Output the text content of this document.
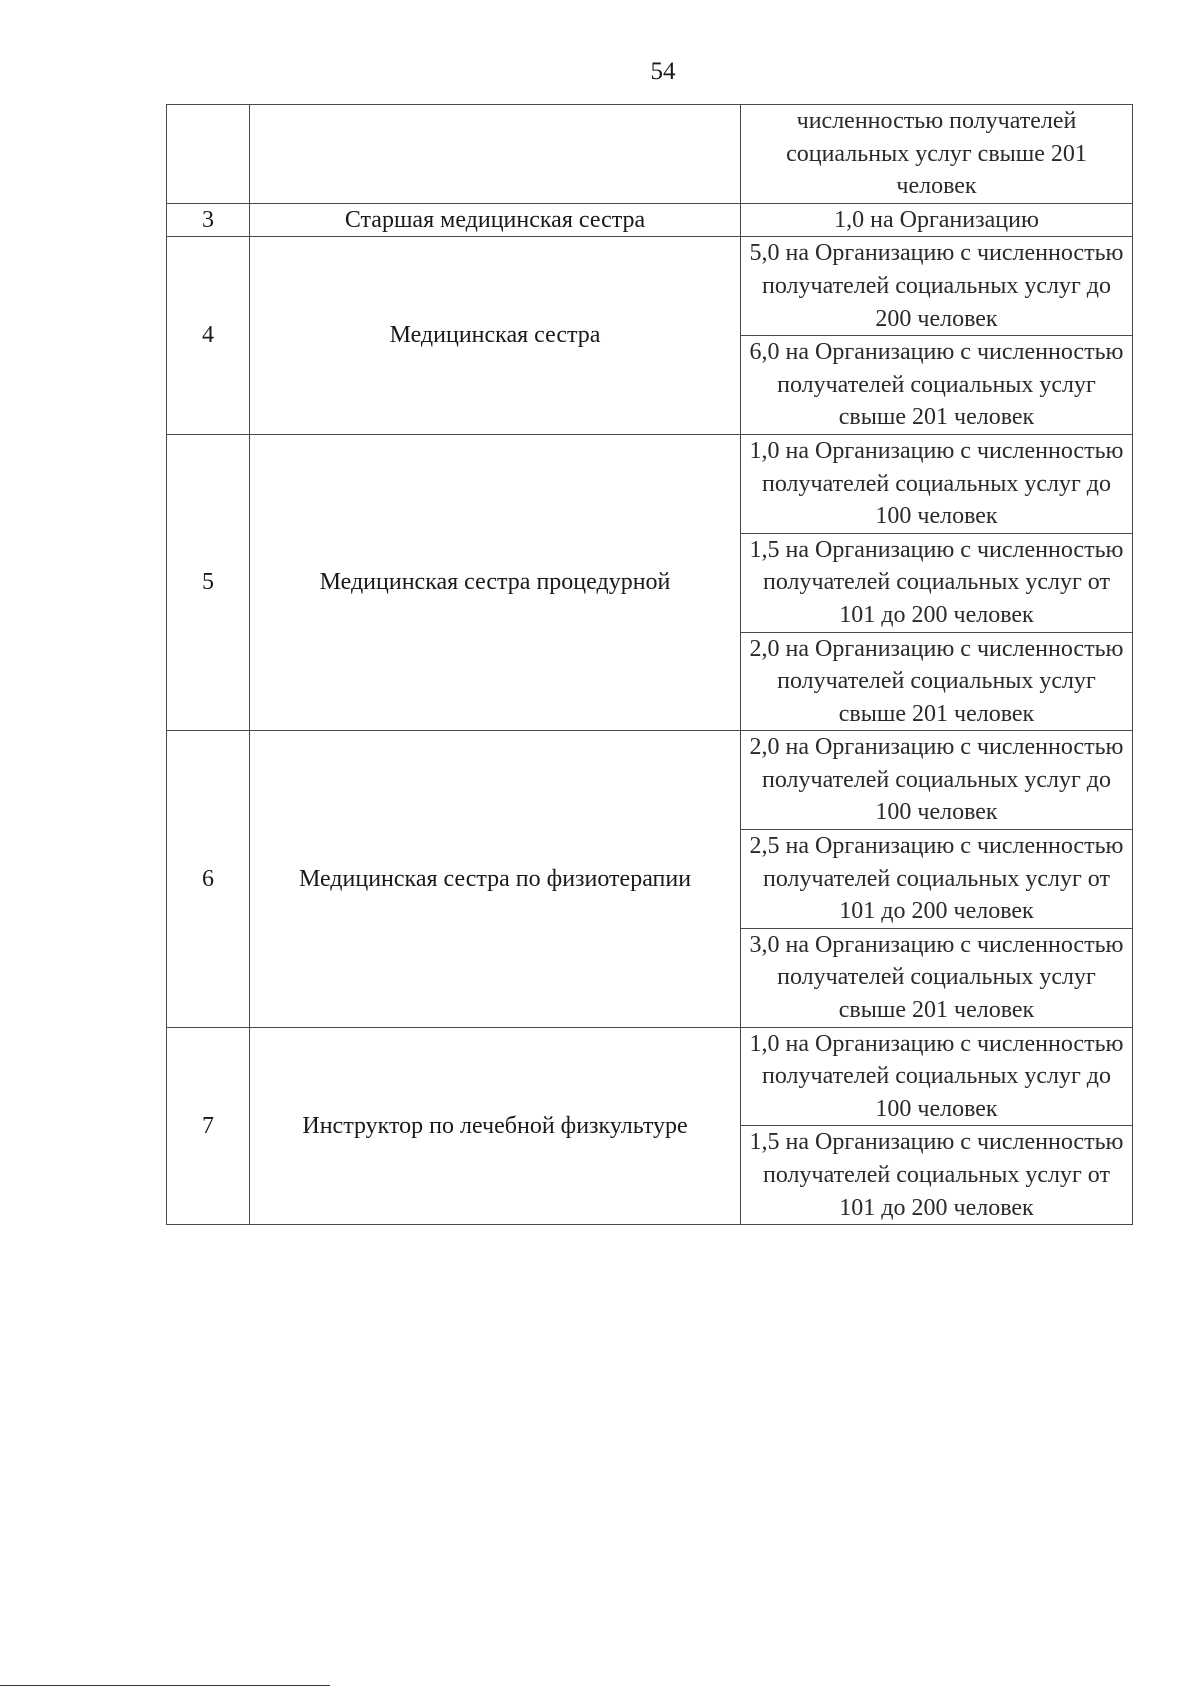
54
		численностью получателей социальных услуг свыше 201 человек
3	Старшая медицинская сестра	1,0 на Организацию
4	Медицинская сестра	5,0 на Организацию с численностью получателей социальных услуг до 200 человек
		6,0 на Организацию с численностью получателей социальных услуг свыше 201 человек
5	Медицинская сестра процедурной	1,0 на Организацию с численностью получателей социальных услуг до 100 человек
		1,5 на Организацию с численностью получателей социальных услуг от 101 до 200 человек
		2,0 на Организацию с численностью получателей социальных услуг свыше 201 человек
6	Медицинская сестра по физиотерапии	2,0 на Организацию с численностью получателей социальных услуг до 100 человек
		2,5 на Организацию с численностью получателей социальных услуг от 101 до 200 человек
		3,0 на Организацию с численностью получателей социальных услуг свыше 201 человек
7	Инструктор по лечебной физкультуре	1,0 на Организацию с численностью получателей социальных услуг до 100 человек
		1,5 на Организацию с численностью получателей социальных услуг от 101 до 200 человек
